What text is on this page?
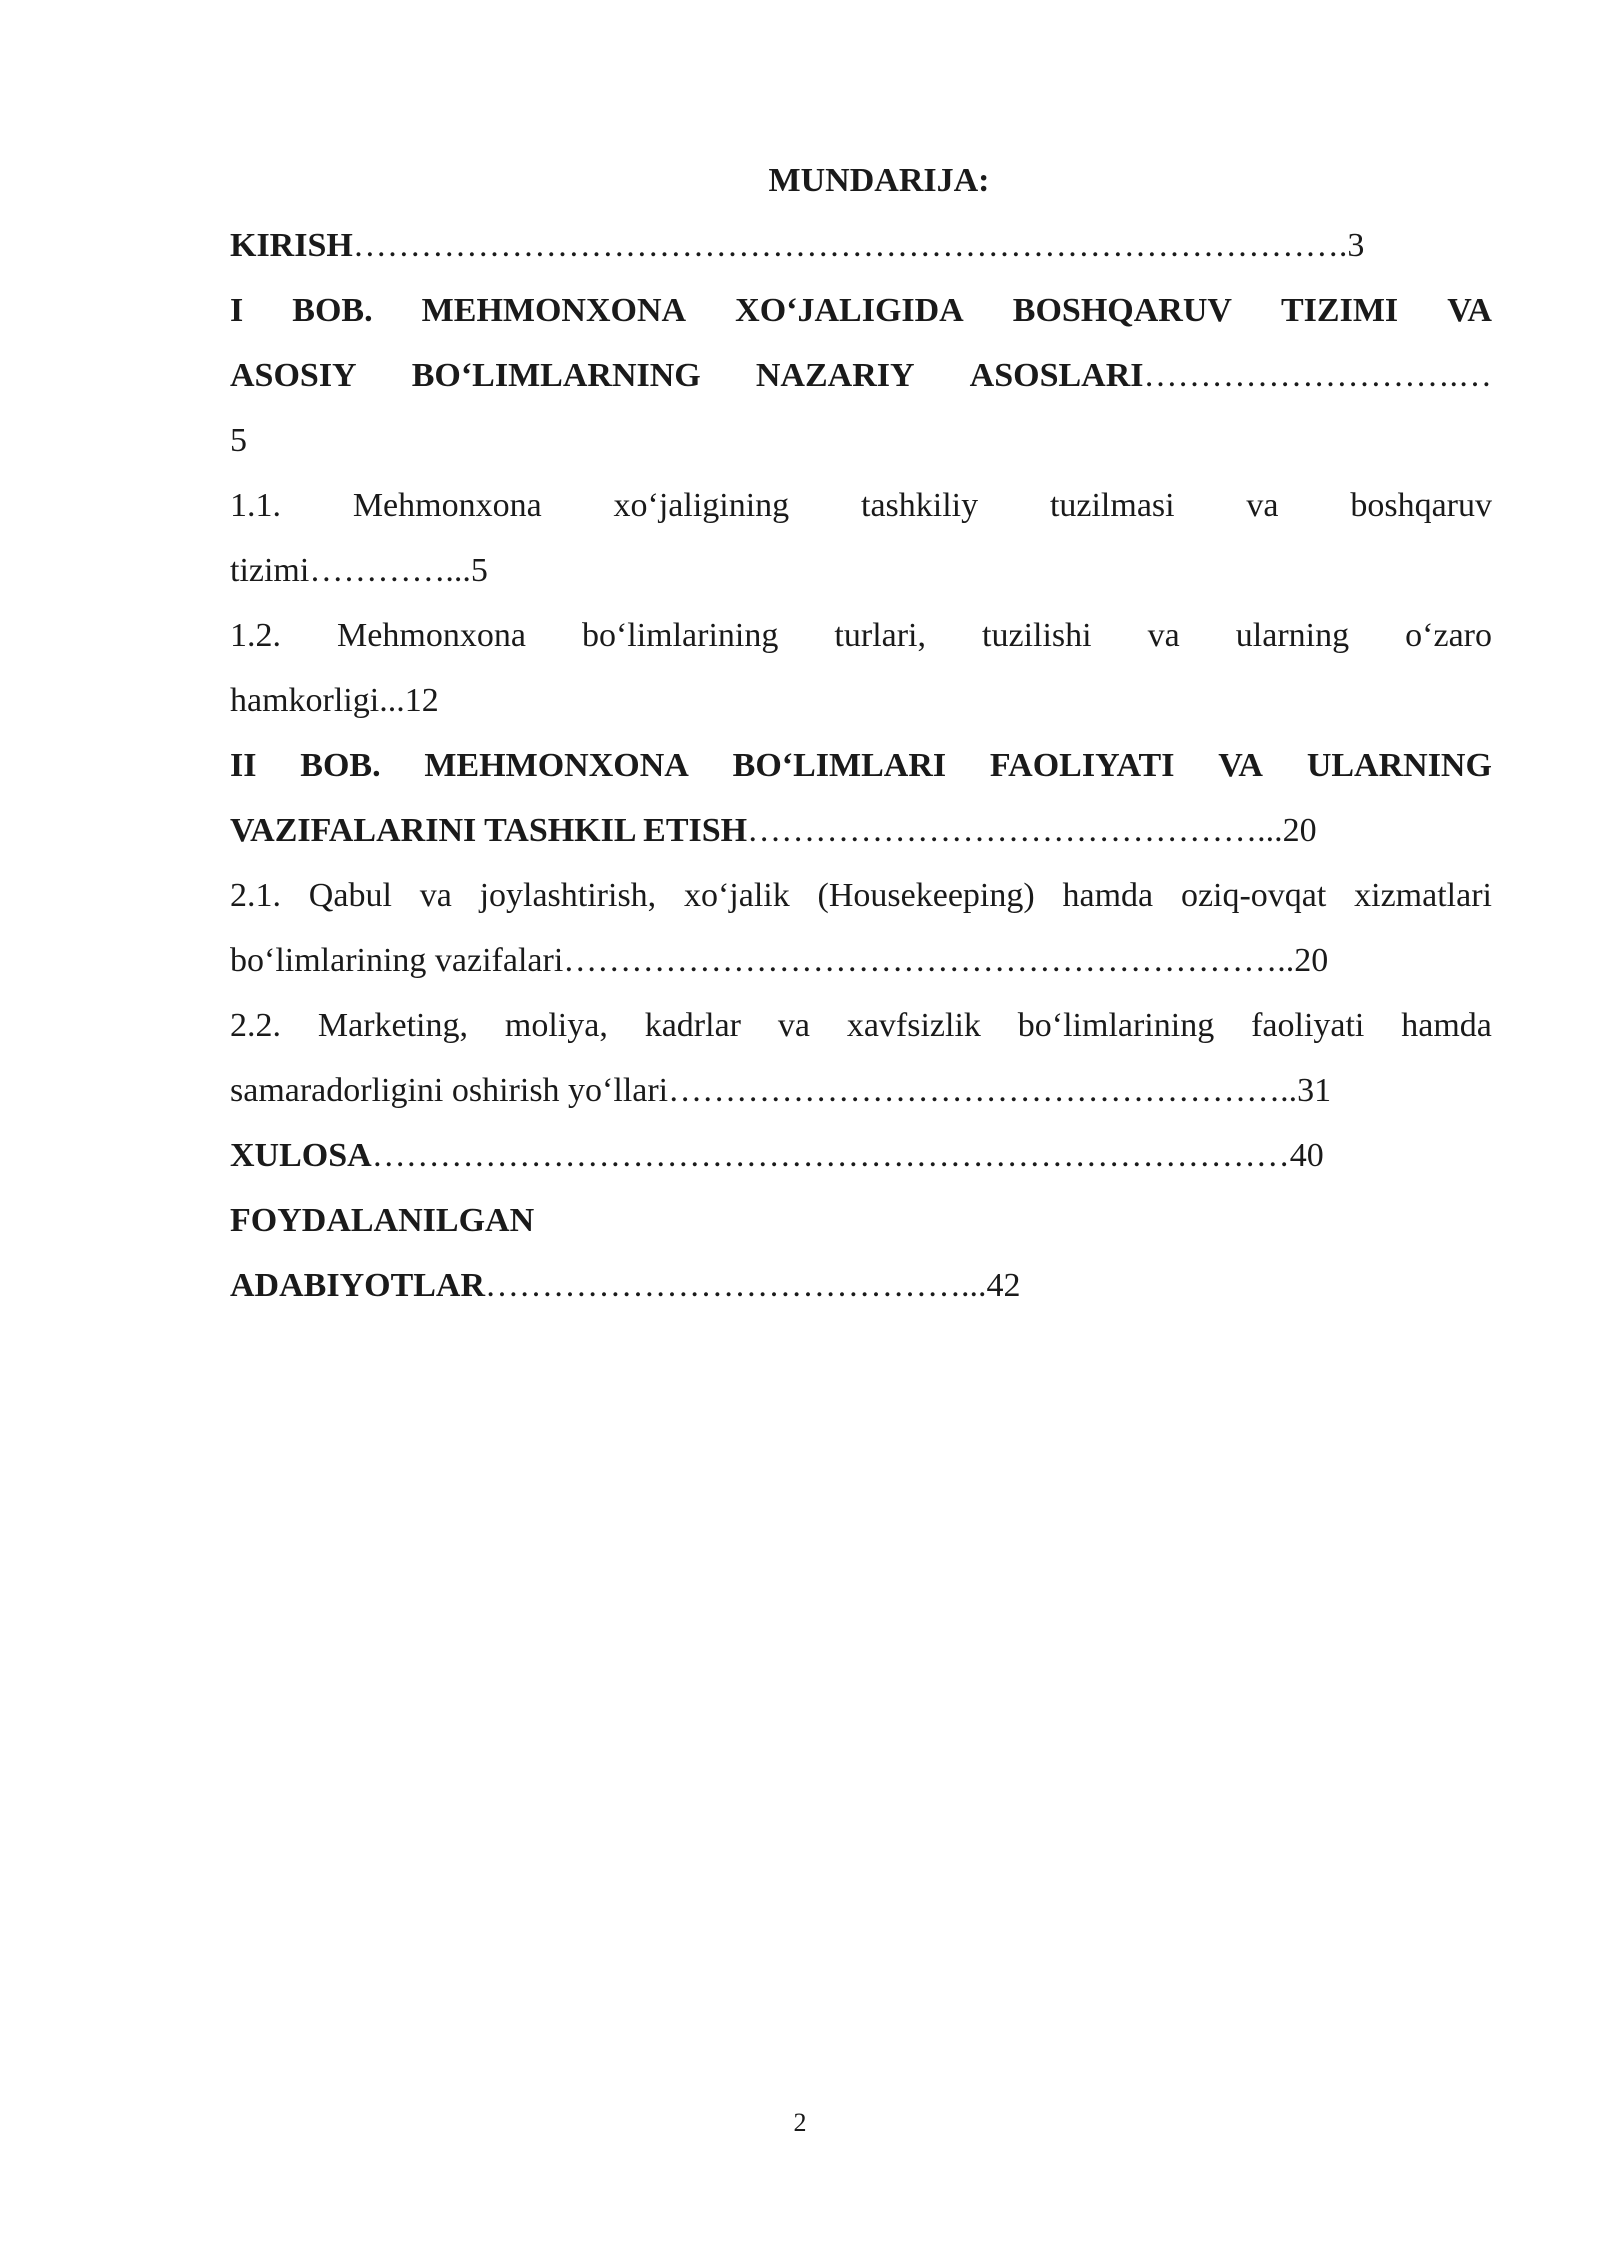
MUNDARIJA:

KIRISH…………………………………………………………………………….3

I BOB. MEHMONXONA XO‘JALIGIDA BOSHQARUV TIZIMI VA
ASOSIY BO‘LIMLARNING NAZARIY ASOSLARI……………………….…
5
1.1. Mehmonxona xo‘jaligining tashkiliy tuzilmasi va boshqaruv
tizimi…………...5
1.2. Mehmonxona bo‘limlarining turlari, tuzilishi va ularning o‘zaro
hamkorligi...12
II BOB. MEHMONXONA BO‘LIMLARI FAOLIYATI VA ULARNING
VAZIFALARINI TASHKIL ETISH………………………………………...20
2.1. Qabul va joylashtirish, xo‘jalik (Housekeeping) hamda oziq-ovqat xizmatlari
bo‘limlarining vazifalari………………………………………………………..20
2.2. Marketing, moliya, kadrlar va xavfsizlik bo‘limlarining faoliyati hamda
samaradorligini oshirish yo‘llari………………………………………………..31

XULOSA………………………………………………………………………40

FOYDALANILGAN
ADABIYOTLAR……………………………………...42
2
